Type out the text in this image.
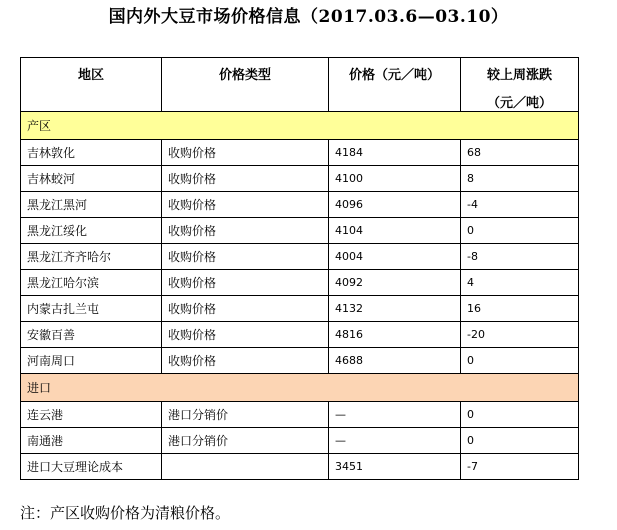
国内外大豆市场价格信息（2017.03.6—03.10）
地区	价格类型	价格（元／吨）	较上周涨跌
（元／吨）

产区			
吉林敦化	收购价格	4184	68
吉林蛟河	收购价格	4100	8
黑龙江黑河	收购价格	4096	-4
黑龙江绥化	收购价格	4104	0
黑龙江齐齐哈尔	收购价格	4004	-8
黑龙江哈尔滨	收购价格	4092	4
内蒙古扎兰屯	收购价格	4132	16
安徽百善	收购价格	4816	-20
河南周口	收购价格	4688	0
进口			
连云港	港口分销价	—	0
南通港	港口分销价	—	0
进口大豆理论成本		3451	-7
注：产区收购价格为清粮价格。
